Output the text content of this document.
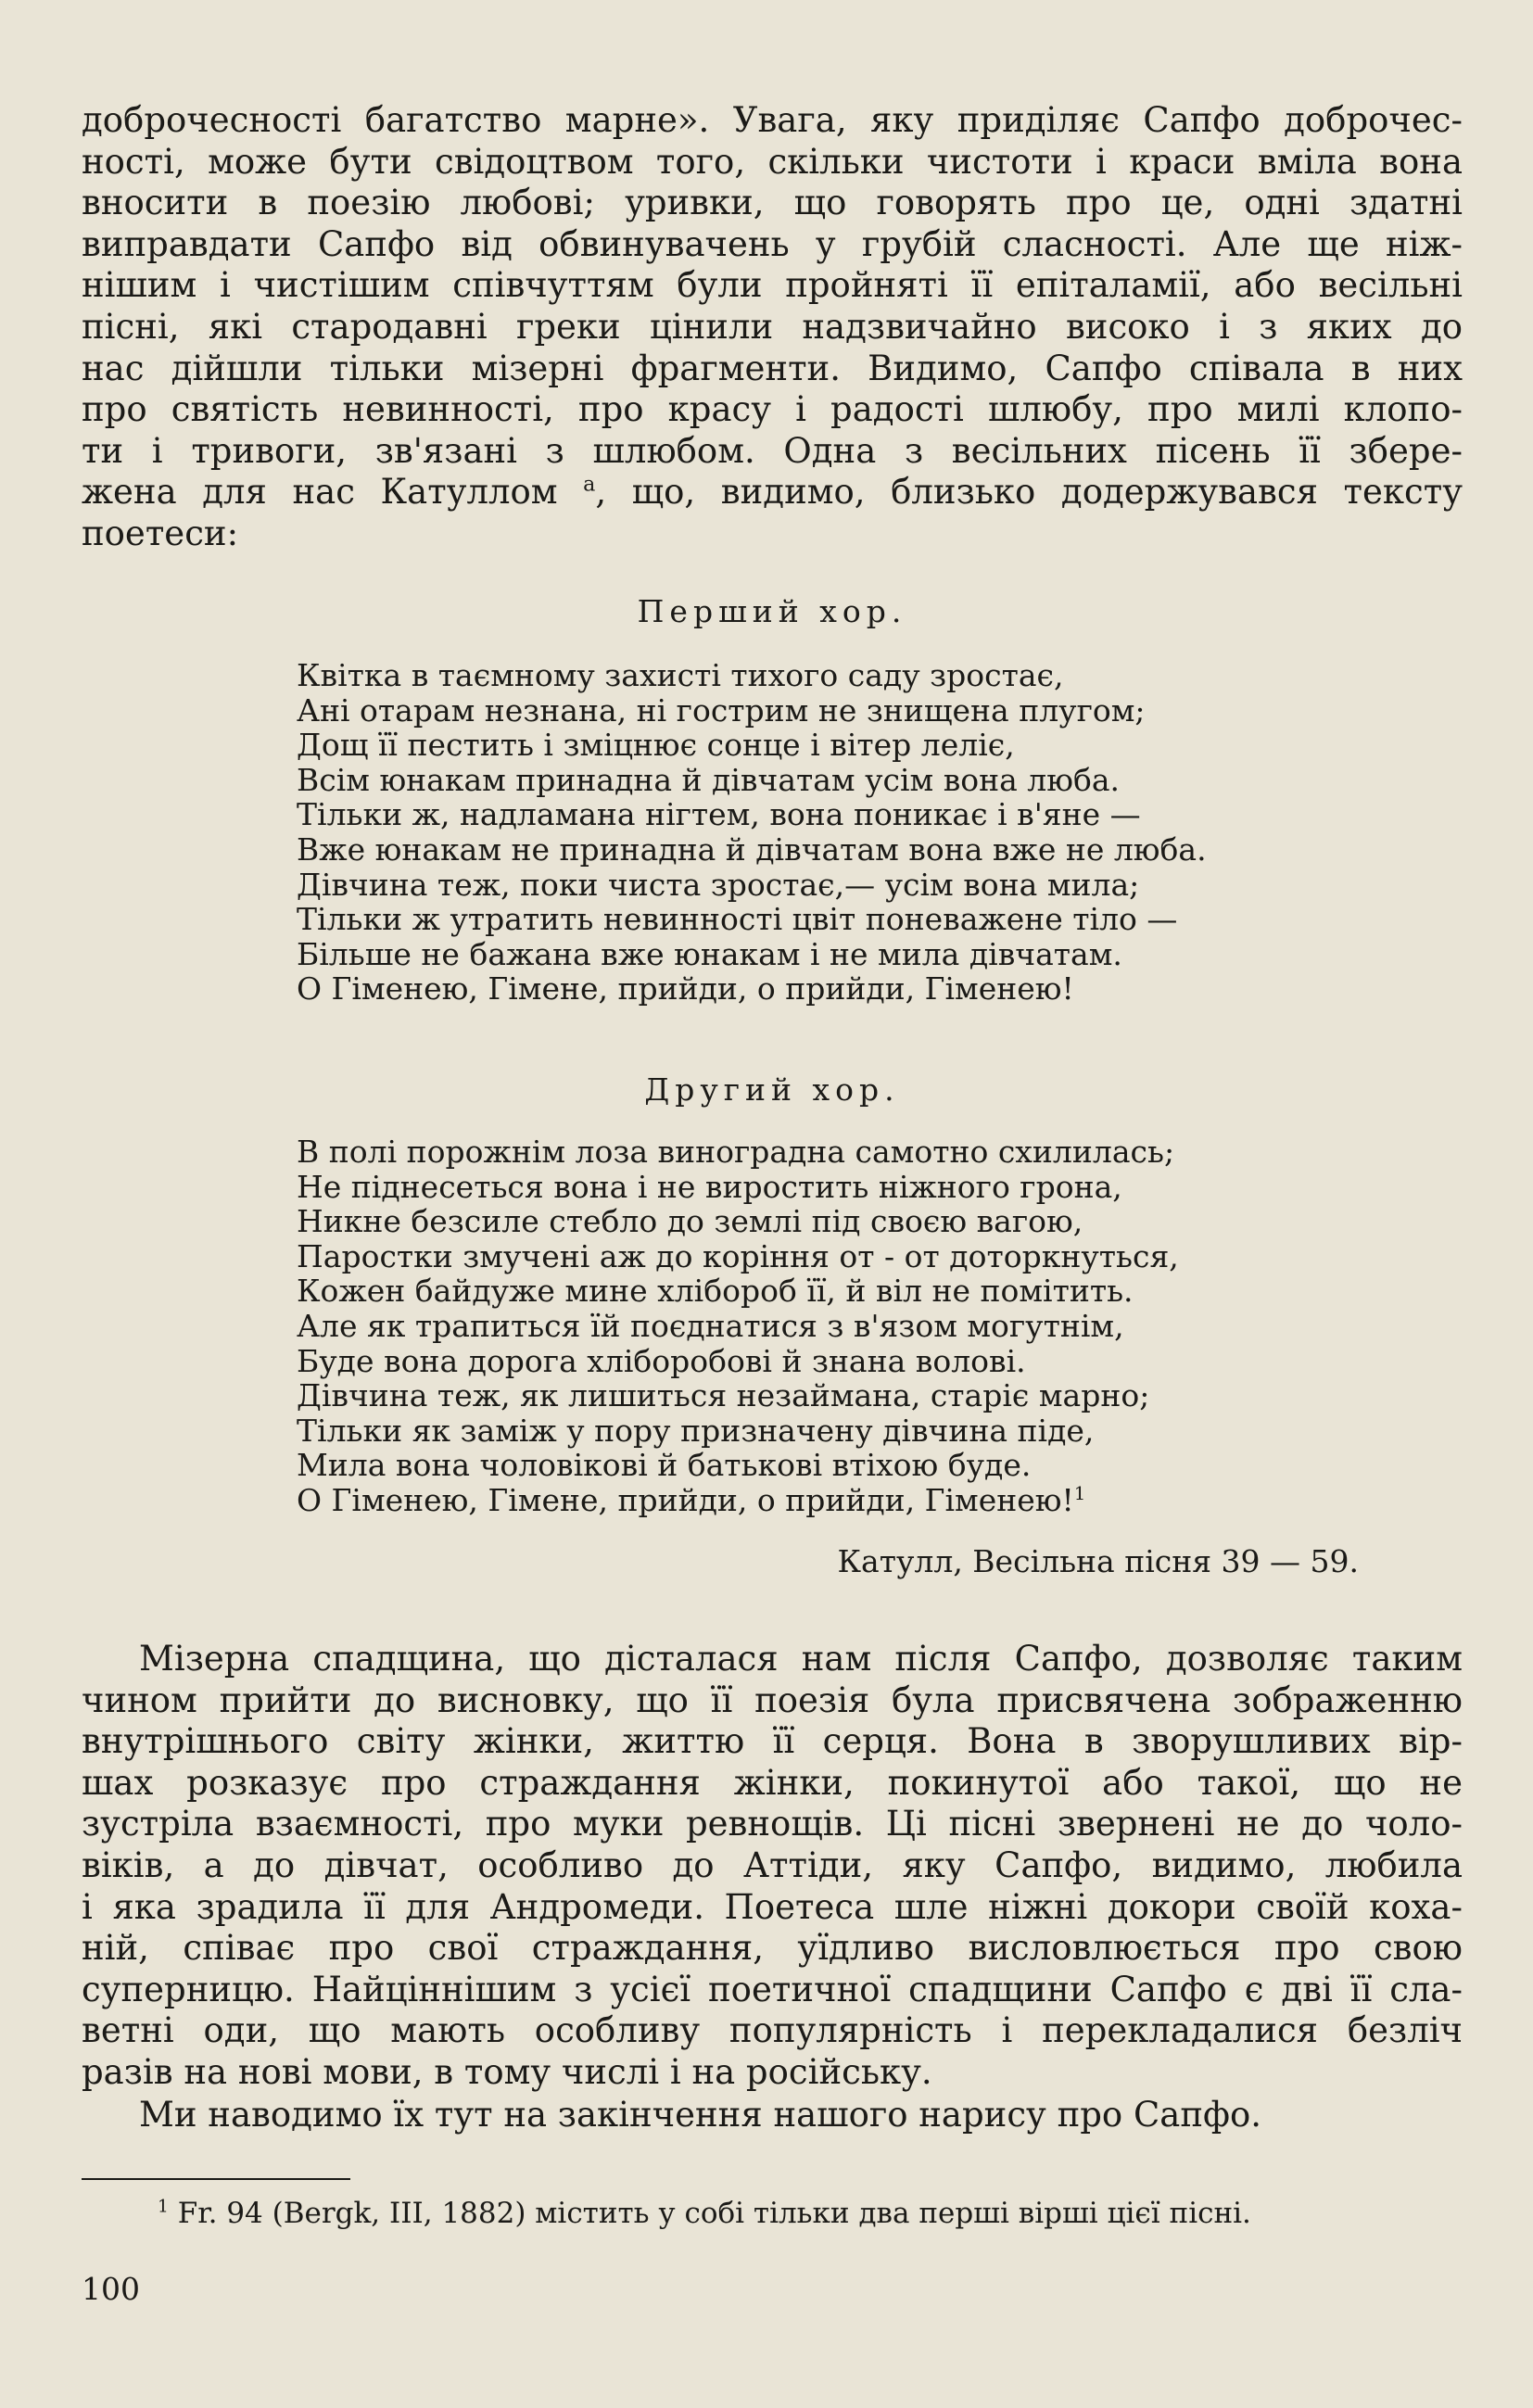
доброчесності багатство марне». Увага, яку приділяє Сапфо доброчес-
ності, може бути свідоцтвом того, скільки чистоти і краси вміла вона
вносити в поезію любові; уривки, що говорять про це, одні здатні
виправдати Сапфо від обвинувачень у грубій сласності. Але ще ніж-
нішим і чистішим співчуттям були пройняті її епіталамії, або весільні
пісні, які стародавні греки цінили надзвичайно високо і з яких до
нас дійшли тільки мізерні фрагменти. Видимо, Сапфо співала в них
про святість невинності, про красу і радості шлюбу, про милі клопо-
ти і тривоги, зв'язані з шлюбом. Одна з весільних пісень її збере-
жена для нас Катуллом $^а$, що, видимо, близько додержувався тексту
поетеси:

Перший хор.

Квітка в таємному захисті тихого саду зростає,
Ані отарам незнана, ні гострим не знищена плугом;
Дощ її пестить і зміцнює сонце і вітер леліє,
Всім юнакам принадна й дівчатам усім вона люба.
Тільки ж, надламана нігтем, вона поникає і в'яне —
Вже юнакам не принадна й дівчатам вона вже не люба.
Дівчина теж, поки чиста зростає,— усім вона мила;
Тільки ж утратить невинності цвіт поневажене тіло —
Більше не бажана вже юнакам і не мила дівчатам.
О Гіменею, Гімене, прийди, о прийди, Гіменею!

Другий хор.

В полі порожнім лоза виноградна самотно схилилась;
Не піднесеться вона і не виростить ніжного грона,
Никне безсиле стебло до землі під своєю вагою,
Паростки змучені аж до коріння от - от доторкнуться,
Кожен байдуже мине хлібороб її, й віл не помітить.
Але як трапиться їй поєднатися з в'язом могутнім,
Буде вона дорога хліборобові й знана волові.
Дівчина теж, як лишиться незаймана, старіє марно;
Тільки як заміж у пору призначену дівчина піде,
Мила вона чоловікові й батькові втіхою буде.
О Гіменею, Гімене, прийди, о прийди, Гіменею!$^1$

Катулл, Весільна пісня 39 — 59.

Мізерна спадщина, що дісталася нам після Сапфо, дозволяє таким
чином прийти до висновку, що її поезія була присвячена зображенню
внутрішнього світу жінки, життю її серця. Вона в зворушливих вір-
шах розказує про страждання жінки, покинутої або такої, що не
зустріла взаємності, про муки ревнощів. Ці пісні звернені не до чоло-
віків, а до дівчат, особливо до Аттіди, яку Сапфо, видимо, любила
і яка зрадила її для Андромеди. Поетеса шле ніжні докори своїй коха-
ній, співає про свої страждання, уїдливо висловлюється про свою
суперницю. Найціннішим з усієї поетичної спадщини Сапфо є дві її сла-
ветні оди, що мають особливу популярність і перекладалися безліч
разів на нові мови, в тому числі і на російську.
Ми наводимо їх тут на закінчення нашого нарису про Сапфо.

$^1$ Fr. 94 (Bergk, III, 1882) містить у собі тільки два перші вірші цієї пісні.

100
